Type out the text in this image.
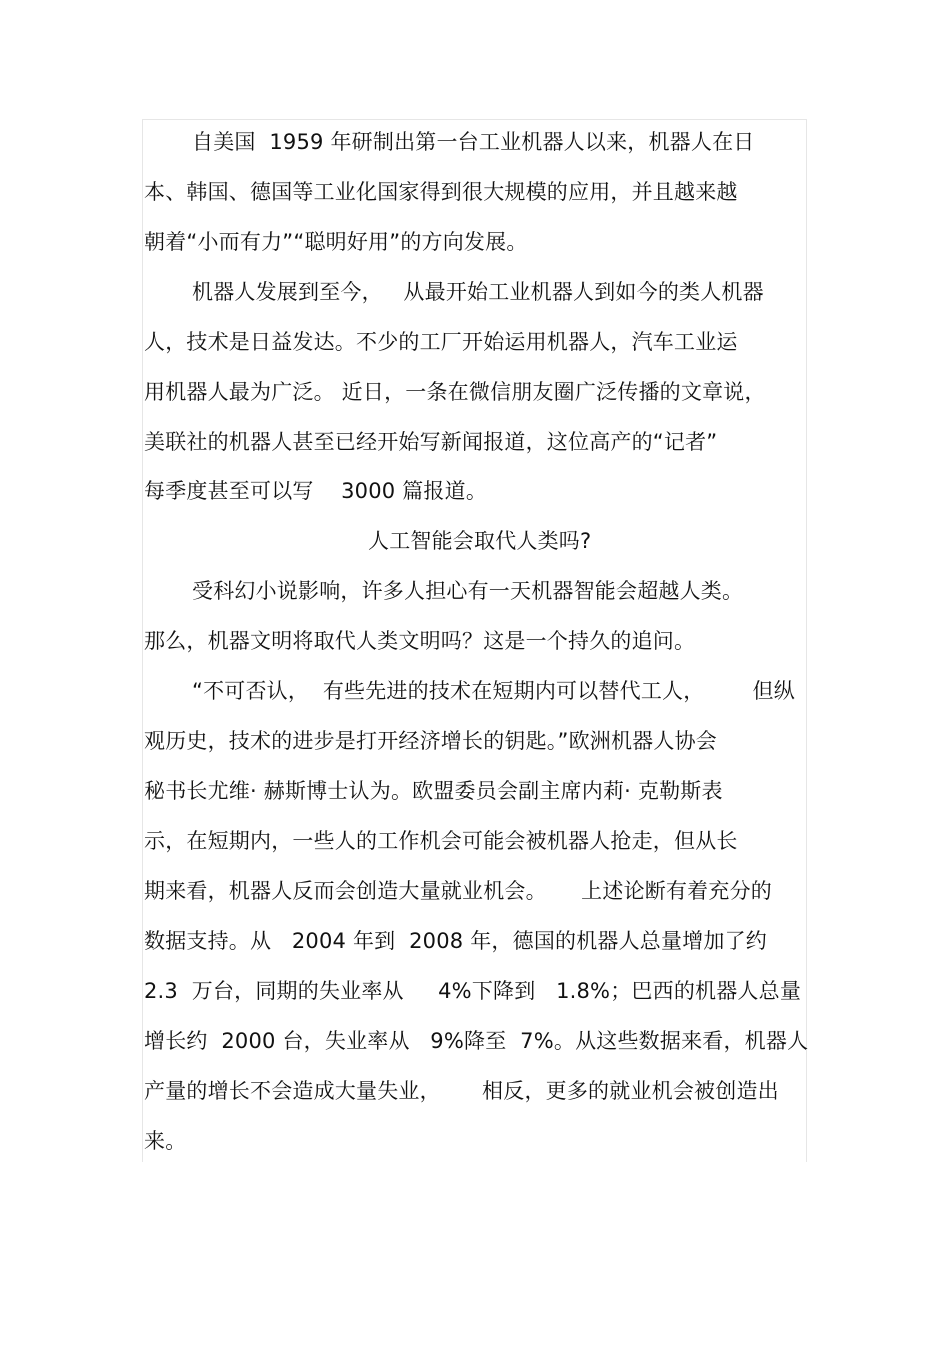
自美国  1959 年研制出第一台工业机器人以来，机器人在日
本、韩国、德国等工业化国家得到很大规模的应用，并且越来越
朝着“小而有力”“聪明好用”的方向发展。
机器人发展到至今，   从最开始工业机器人到如今的类人机器
人，技术是日益发达。不少的工厂开始运用机器人，汽车工业运
用机器人最为广泛。 近日，一条在微信朋友圈广泛传播的文章说，
美联社的机器人甚至已经开始写新闻报道，这位高产的“记者”
每季度甚至可以写    3000 篇报道。
人工智能会取代人类吗?
受科幻小说影响，许多人担心有一天机器智能会超越人类。
那么，机器文明将取代人类文明吗？这是一个持久的追问。
“不可否认，  有些先进的技术在短期内可以替代工人，       但纵
观历史，技术的进步是打开经济增长的钥匙。”欧洲机器人协会
秘书长尤维· 赫斯博士认为。欧盟委员会副主席内莉· 克勒斯表
示，在短期内，一些人的工作机会可能会被机器人抢走，但从长
期来看，机器人反而会创造大量就业机会。     上述论断有着充分的
数据支持。从   2004 年到  2008 年，德国的机器人总量增加了约
2.3  万台，同期的失业率从     4%下降到   1.8%；巴西的机器人总量
增长约  2000 台，失业率从   9%降至  7%。从这些数据来看，机器人
产量的增长不会造成大量失业，      相反，更多的就业机会被创造出
来。
